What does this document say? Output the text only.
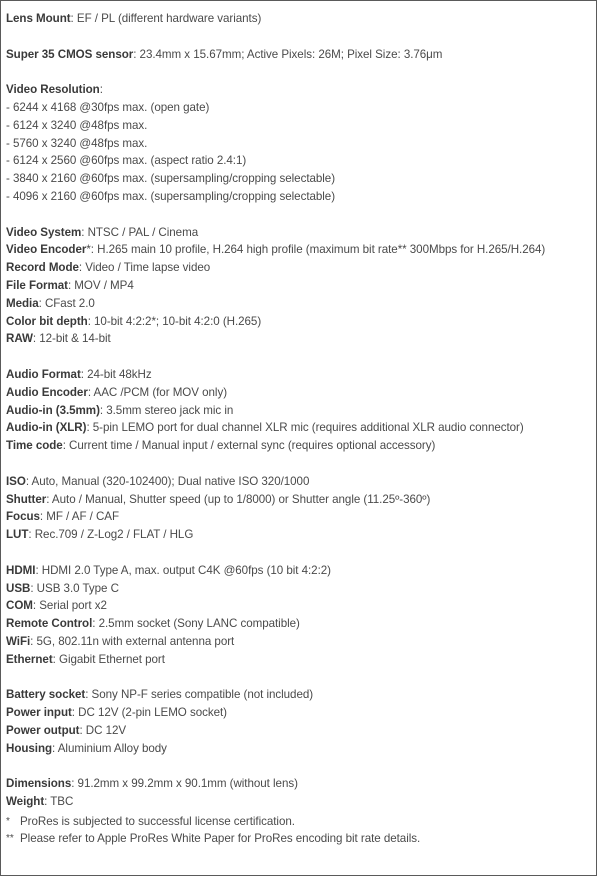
Lens Mount: EF / PL (different hardware variants)
Super 35 CMOS sensor: 23.4mm x 15.67mm; Active Pixels: 26M; Pixel Size: 3.76μm
Video Resolution:
- 6244 x 4168 @30fps max. (open gate)
- 6124 x 3240 @48fps max.
- 5760 x 3240 @48fps max.
- 6124 x 2560 @60fps max. (aspect ratio 2.4:1)
- 3840 x 2160 @60fps max. (supersampling/cropping selectable)
- 4096 x 2160 @60fps max. (supersampling/cropping selectable)
Video System: NTSC / PAL / Cinema
Video Encoder*: H.265 main 10 profile, H.264 high profile (maximum bit rate** 300Mbps for H.265/H.264)
Record Mode: Video / Time lapse video
File Format: MOV / MP4
Media: CFast 2.0
Color bit depth: 10-bit 4:2:2*; 10-bit 4:2:0 (H.265)
RAW: 12-bit & 14-bit
Audio Format: 24-bit 48kHz
Audio Encoder: AAC /PCM (for MOV only)
Audio-in (3.5mm): 3.5mm stereo jack mic in
Audio-in (XLR): 5-pin LEMO port for dual channel XLR mic (requires additional XLR audio connector)
Time code: Current time / Manual input / external sync (requires optional accessory)
ISO: Auto, Manual (320-102400); Dual native ISO 320/1000
Shutter: Auto / Manual, Shutter speed (up to 1/8000) or Shutter angle (11.25º-360º)
Focus: MF / AF / CAF
LUT: Rec.709 / Z-Log2 / FLAT / HLG
HDMI: HDMI 2.0 Type A, max. output C4K @60fps (10 bit 4:2:2)
USB: USB 3.0 Type C
COM: Serial port x2
Remote Control: 2.5mm socket (Sony LANC compatible)
WiFi: 5G, 802.11n with external antenna port
Ethernet: Gigabit Ethernet port
Battery socket: Sony NP-F series compatible (not included)
Power input: DC 12V (2-pin LEMO socket)
Power output: DC 12V
Housing: Aluminium Alloy body
Dimensions: 91.2mm x 99.2mm x 90.1mm (without lens)
Weight: TBC
* ProRes is subjected to successful license certification.
** Please refer to Apple ProRes White Paper for ProRes encoding bit rate details.
